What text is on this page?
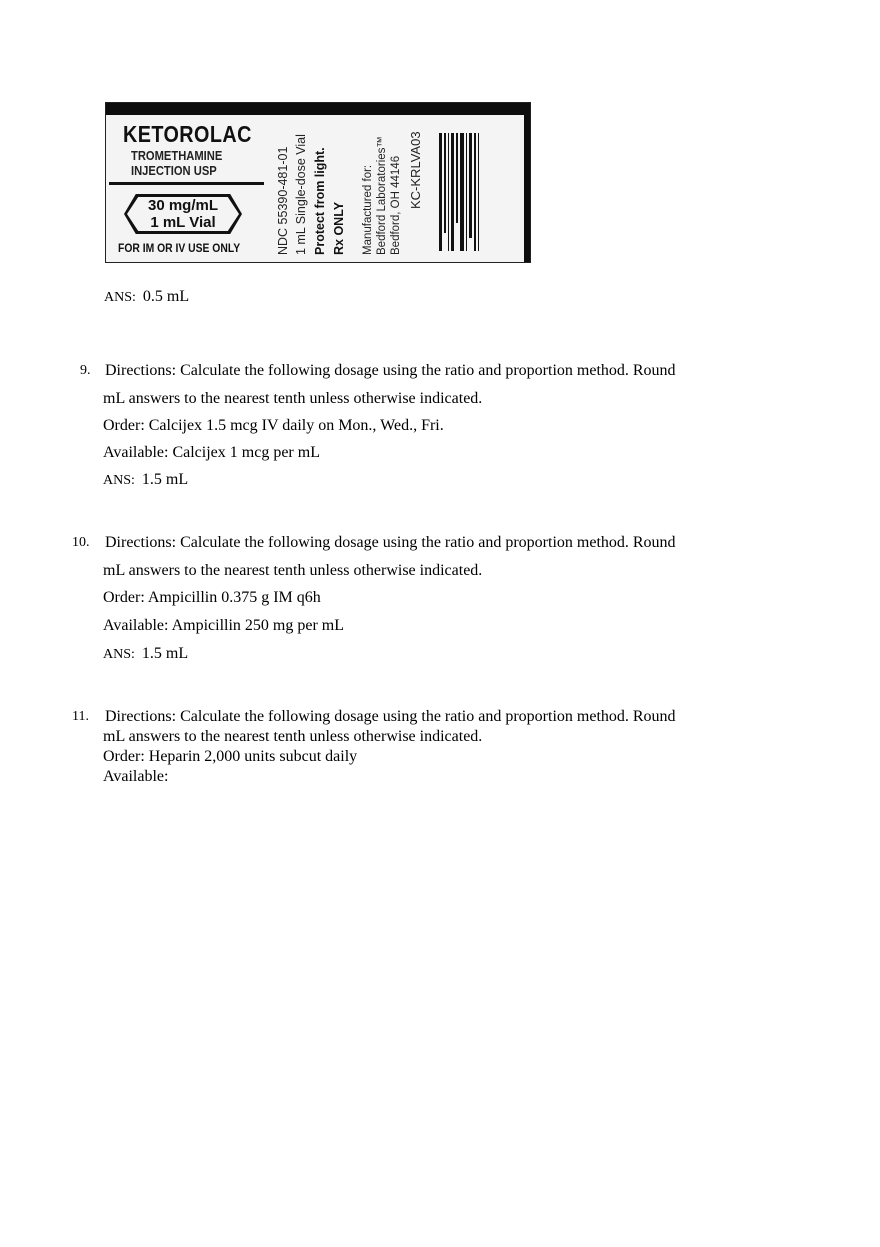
KETOROLAC
TROMETHAMINE
INJECTION USP
30 mg/mL
1 mL Vial
FOR IM OR IV USE ONLY	NDC 55390-481-01 1 mL Single-dose Vial Protect from light. Rx ONLY Manufactured for: Bedford Laboratories™ Bedford, OH 44146 KC-KRLVA03
ANS: 0.5 mL
9. Directions: Calculate the following dosage using the ratio and proportion method. Round
mL answers to the nearest tenth unless otherwise indicated.
Order: Calcijex 1.5 mcg IV daily on Mon., Wed., Fri.
Available: Calcijex 1 mcg per mL
ANS: 1.5 mL
10. Directions: Calculate the following dosage using the ratio and proportion method. Round
mL answers to the nearest tenth unless otherwise indicated.
Order: Ampicillin 0.375 g IM q6h
Available: Ampicillin 250 mg per mL
ANS: 1.5 mL
11. Directions: Calculate the following dosage using the ratio and proportion method. Round
mL answers to the nearest tenth unless otherwise indicated.
Order: Heparin 2,000 units subcut daily
Available:
